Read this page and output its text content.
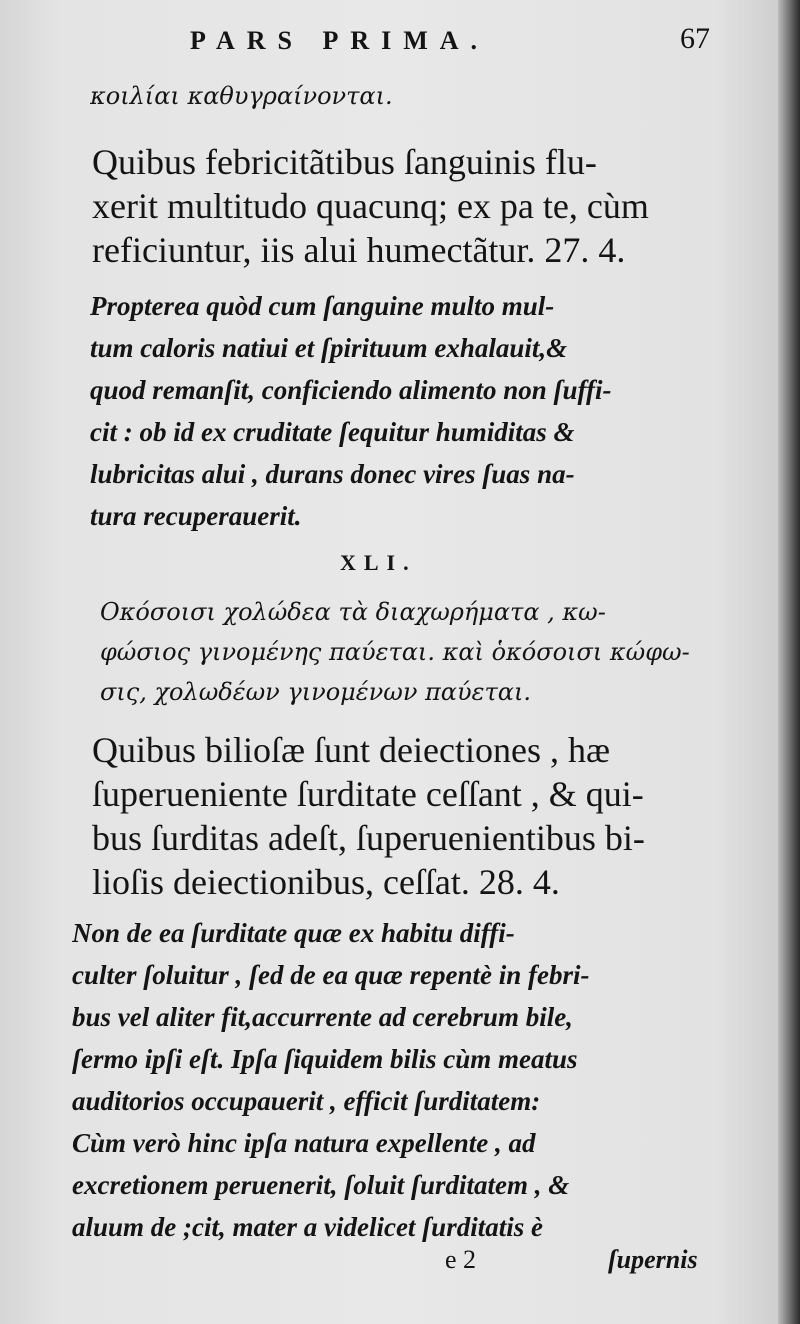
PARS PRIMA.	67
κοιλίαι καθυγραίνονται.
Quibus febricitãtibus ſanguinis flu-
xerit multitudo quacunq; ex pa te, cùm
reficiuntur, iis alui humectãtur. 27. 4.
Propterea quòd cum ſanguine multo mul-
tum caloris natiui et ſpirituum exhalauit,&
quod remanſit, conficiendo alimento non ſuffi-
cit : ob id ex cruditate ſequitur humiditas &
lubricitas alui , durans donec vires ſuas na-
tura recuperauerit.
XLI.
Οκόσοισι χολώδεα τὰ διαχωρήματα , κω-
φώσιος γινομένης παύεται. καὶ ὁκόσοισι κώφω-
σις, χολωδέων γινομένων παύεται.
Quibus bilioſæ ſunt deiectiones , hæ
ſuperueniente ſurditate ceſſant , & qui-
bus ſurditas adeſt, ſuperuenientibus bi-
lioſis deiectionibus, ceſſat. 28. 4.
Non de ea ſurditate quæ ex habitu diffi-
culter ſoluitur , ſed de ea quæ repentè in febri-
bus vel aliter fit,accurrente ad cerebrum bile,
ſermo ipſi eſt. Ipſa ſiquidem bilis cùm meatus
auditorios occupauerit , efficit ſurditatem:
Cùm verò hinc ipſa natura expellente , ad
excretionem peruenerit, ſoluit ſurditatem , &
aluum de ;cit, mater a videlicet ſurditatis è
e 2	ſupernis
